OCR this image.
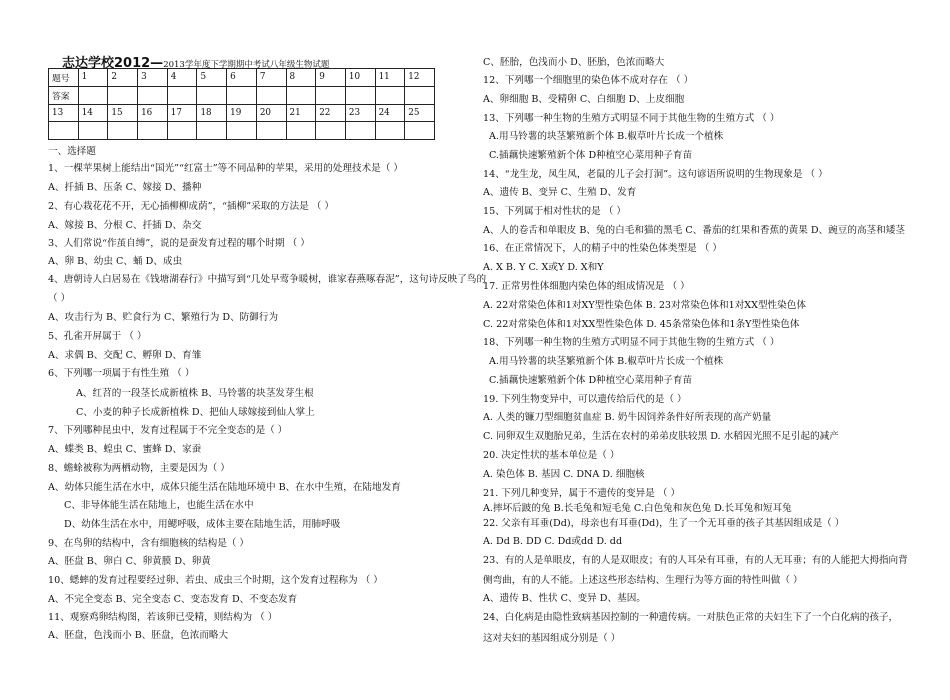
志达学校2012—2013学年度下学期期中考试八年级生物试题
题号	1	2	3	4	5	6	7	8	9	10	11	12
答案												
13	14	15	16	17	18	19	20	21	22	23	24	25

一、选择题
1、一棵苹果树上能结出“国光”“红富士”等不同品种的苹果，采用的处理技术是（ ）
A、扦插 B、压条 C、嫁接 D、播种
2、有心栽花花不开，无心插柳柳成荫”，“插柳”采取的方法是 （ ）
A、嫁接 B、分根 C、扦插 D、杂交
3、人们常说“作茧自缚”，说的是蚕发育过程的哪个时期 （ ）
A、卵 B、幼虫 C、蛹 D、成虫
4、唐朝诗人白居易在《钱塘湖春行》中描写到“几处早莺争暖树，谁家春燕啄春泥”，这句诗反映了鸟的
（ ）
A、攻击行为 B、贮食行为 C、繁殖行为 D、防御行为
5、孔雀开屏属于 （ ）
A、求偶 B、交配 C、孵卵 D、育雏
6、下列哪一项属于有性生殖 （ ）
A、红苕的一段茎长成新植株 B、马铃薯的块茎发芽生根
C、小麦的种子长成新植株 D、把仙人球嫁接到仙人掌上
7、下列哪种昆虫中，发育过程属于不完全变态的是（ ）
A、蝶类 B、蝗虫 C、蜜蜂 D、家蚕
8、蟾蜍被称为两栖动物，主要是因为（ ）
A、幼体只能生活在水中，成体只能生活在陆地环境中 B、在水中生殖，在陆地发育
C、非导体能生活在陆地上，也能生活在水中
D、幼体生活在水中，用鳃呼吸，成体主要在陆地生活，用肺呼吸
9、在鸟卵的结构中，含有细胞核的结构是（ ）
A、胚盘 B、卵白 C、卵黄膜 D、卵黄
10、蟋蟀的发育过程要经过卵、若虫、成虫三个时期，这个发育过程称为 （ ）
A、不完全变态 B、完全变态 C、变态发育 D、不变态发育
11、观察鸡卵结构图，若该卵已受精，则结构为 （ ）
A、胚盘，色浅而小 B、胚盘，色浓而略大
C、胚胎，色浅而小 D、胚胎，色浓而略大
12、下列哪一个细胞里的染色体不成对存在 （ ）
A、卵细胞 B、受精卵 C、白细胞 D、上皮细胞
13、下列哪一种生物的生殖方式明显不同于其他生物的生殖方式 （ ）
A.用马铃薯的块茎繁殖新个体 B.椒草叶片长成一个植株
C.插藕快速繁殖新个体 D种植空心菜用种子育苗
14、“龙生龙，凤生凤，老鼠的儿子会打洞”。这句谚语所说明的生物现象是 （ ）
A、遗传 B、变异 C、生殖 D、发育
15、下列属于相对性状的是 （ ）
A、人的卷舌和单眼皮 B、兔的白毛和猫的黑毛 C、番茄的红果和香蕉的黄果 D、豌豆的高茎和矮茎
16、在正常情况下，人的精子中的性染色体类型是 （ ）
A. X B. Y C. X或Y D. X和Y
17. 正常男性体细胞内染色体的组成情况是 （ ）
A. 22对常染色体和1对XY型性染色体 B. 23对常染色体和1对XX型性染色体
C. 22对常染色体和1对XX型性染色体 D. 45条常染色体和1条Y型性染色体
18、下列哪一种生物的生殖方式明显不同于其他生物的生殖方式 （ ）
A.用马铃薯的块茎繁殖新个体 B.椒草叶片长成一个植株
C.插藕快速繁殖新个体 D种植空心菜用种子育苗
19. 下列生物变异中，可以遗传给后代的是（ ）
A. 人类的镰刀型细胞贫血症 B. 奶牛因饲养条件好所表现的高产奶量
C. 同卵双生双胞胎兄弟，生活在农村的弟弟皮肤较黑 D. 水稻因光照不足引起的减产
20. 决定性状的基本单位是（ ）
A. 染色体 B. 基因 C. DNA D. 细胞核
21. 下列几种变异，属于不遗传的变异是 （ ）
A.摔坏后跛的兔 B.长毛兔和短毛兔 C.白色兔和灰色兔 D.长耳兔和短耳兔
22. 父亲有耳垂(Dd)，母亲也有耳垂(Dd)，生了一个无耳垂的孩子其基因组成是（ ）
A. Dd B. DD C. Dd或dd D. dd
23、有的人是单眼皮，有的人是双眼皮；有的人耳朵有耳垂，有的人无耳垂；有的人能把大拇指向背
侧弯曲，有的人不能。上述这些形态结构、生理行为等方面的特性叫做（ ）
A、遗传 B、性状 C、变异 D、基因。
24、白化病是由隐性致病基因控制的一种遗传病。一对肤色正常的夫妇生下了一个白化病的孩子，
这对夫妇的基因组成分别是（ ）
